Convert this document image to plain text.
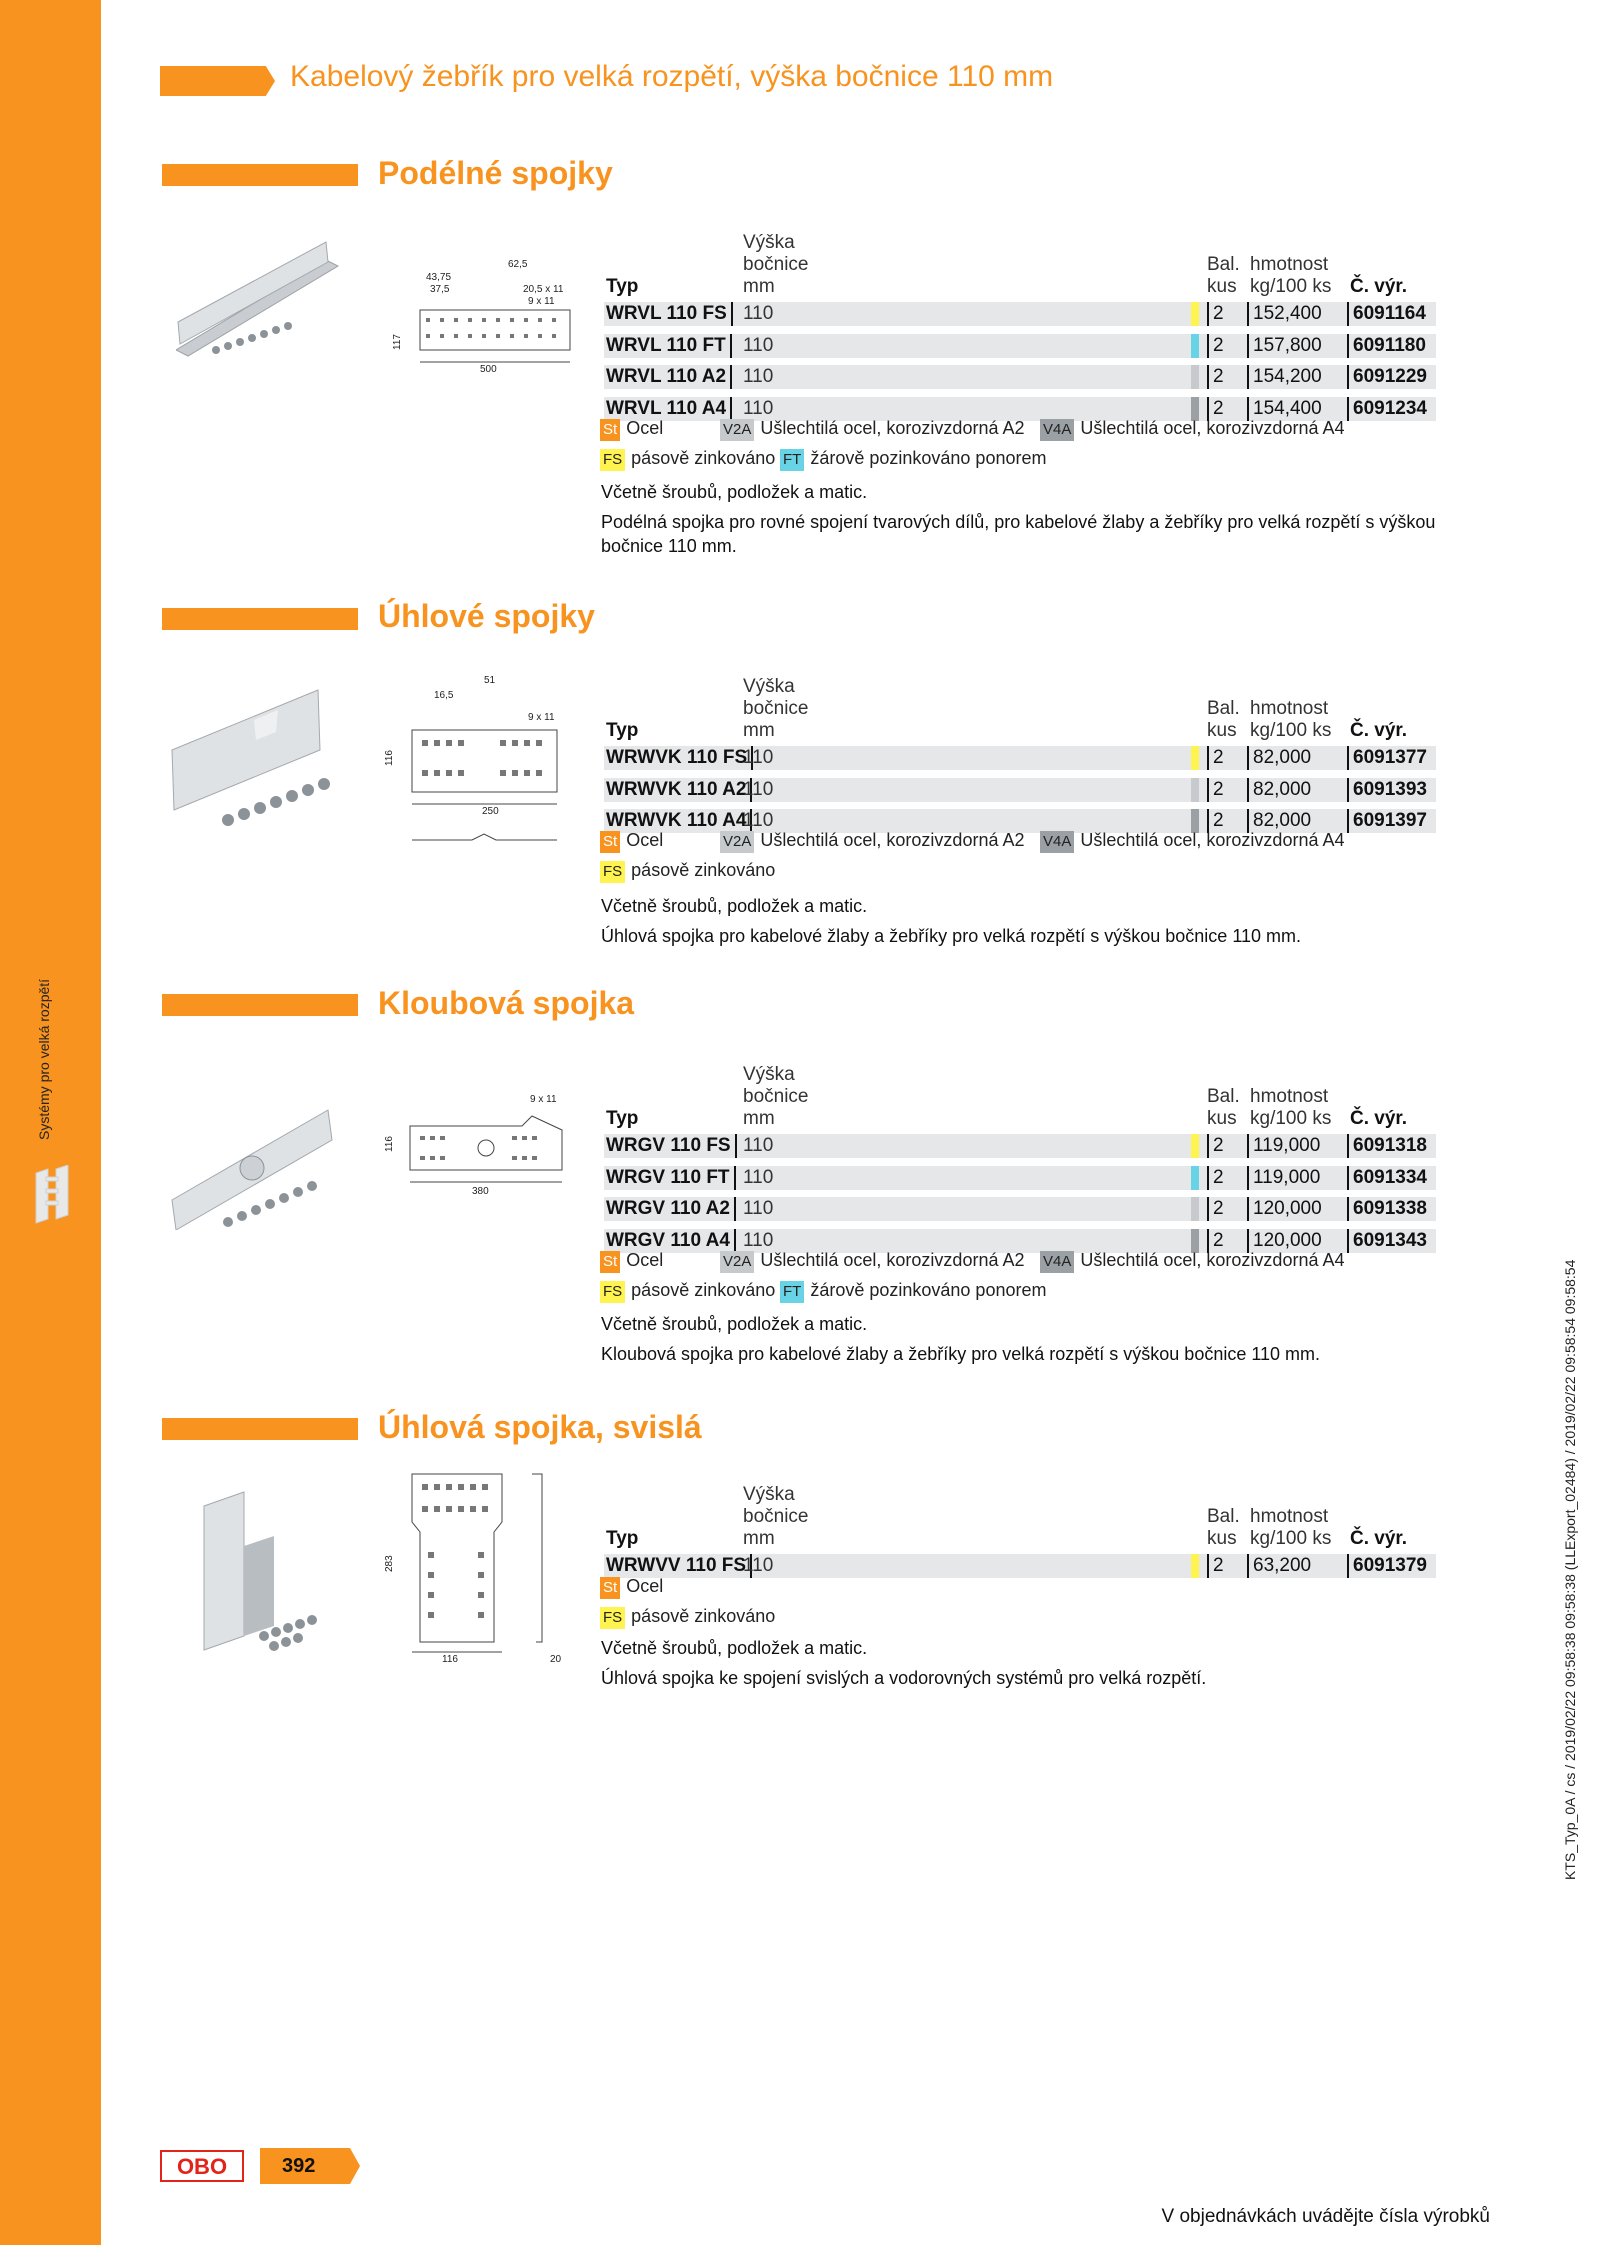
Systémy pro velká rozpětí
Kabelový žebřík pro velká rozpětí, výška bočnice 110 mm
Podélné spojky
62,5
43,75
37,5	20,5 x 11
9 x 11
117
500
Typ
Výška bočnice mm
Bal. kus
hmotnost kg/100 ks Č. výr.
WRVL 110 FS 110	2	152,400	6091164
WRVL 110 FT 110	2	157,800	6091180
WRVL 110 A2 110	2	154,200	6091229
WRVL 110 A4 110	2	154,400	6091234
St Ocel	V2A Ušlechtilá ocel, korozivzdorná A2 V4A Ušlechtilá ocel, korozivzdorná A4
FS pásově zinkováno FT žárově pozinkováno ponorem
Včetně šroubů, podložek a matic.
Podélná spojka pro rovné spojení tvarových dílů, pro kabelové žlaby a žebříky pro velká rozpětí s výškou bočnice 110 mm.
Úhlové spojky
51
16,5
9 x 11
116
250
Typ
Výška bočnice mm
Bal. kus
hmotnost kg/100 ks Č. výr.
WRWVK 110 FS
110	2	82,000	6091377
WRWVK 110 A2
110	2	82,000	6091393
WRWVK 110 A4
110	2	82,000	6091397
St Ocel	V2A Ušlechtilá ocel, korozivzdorná A2 V4A Ušlechtilá ocel, korozivzdorná A4
FS pásově zinkováno
Včetně šroubů, podložek a matic.
Úhlová spojka pro kabelové žlaby a žebříky pro velká rozpětí s výškou bočnice 110 mm.
Kloubová spojka
9 x 11
116
380
Typ
Výška bočnice mm
Bal. kus
hmotnost kg/100 ks Č. výr.
WRGV 110 FS 110	2	119,000	6091318
WRGV 110 FT 110	2	119,000	6091334
WRGV 110 A2 110	2	120,000	6091338
WRGV 110 A4 110	2	120,000	6091343
St Ocel	V2A Ušlechtilá ocel, korozivzdorná A2 V4A Ušlechtilá ocel, korozivzdorná A4
FS pásově zinkováno FT žárově pozinkováno ponorem
Včetně šroubů, podložek a matic.
Kloubová spojka pro kabelové žlaby a žebříky pro velká rozpětí s výškou bočnice 110 mm.
Úhlová spojka, svislá
283
116	20
Typ
Výška bočnice mm
Bal. kus
hmotnost kg/100 ks Č. výr.
WRWVV 110 FS
110	2	63,200	6091379
St Ocel
FS pásově zinkováno
Včetně šroubů, podložek a matic.
Úhlová spojka ke spojení svislých a vodorovných systémů pro velká rozpětí.
OBO	392
V objednávkách uvádějte čísla výrobků
KTS_Typ_0A / cs / 2019/02/22 09:58:38 09:58:38 (LLExport_02484) / 2019/02/22 09:58:54 09:58:54
